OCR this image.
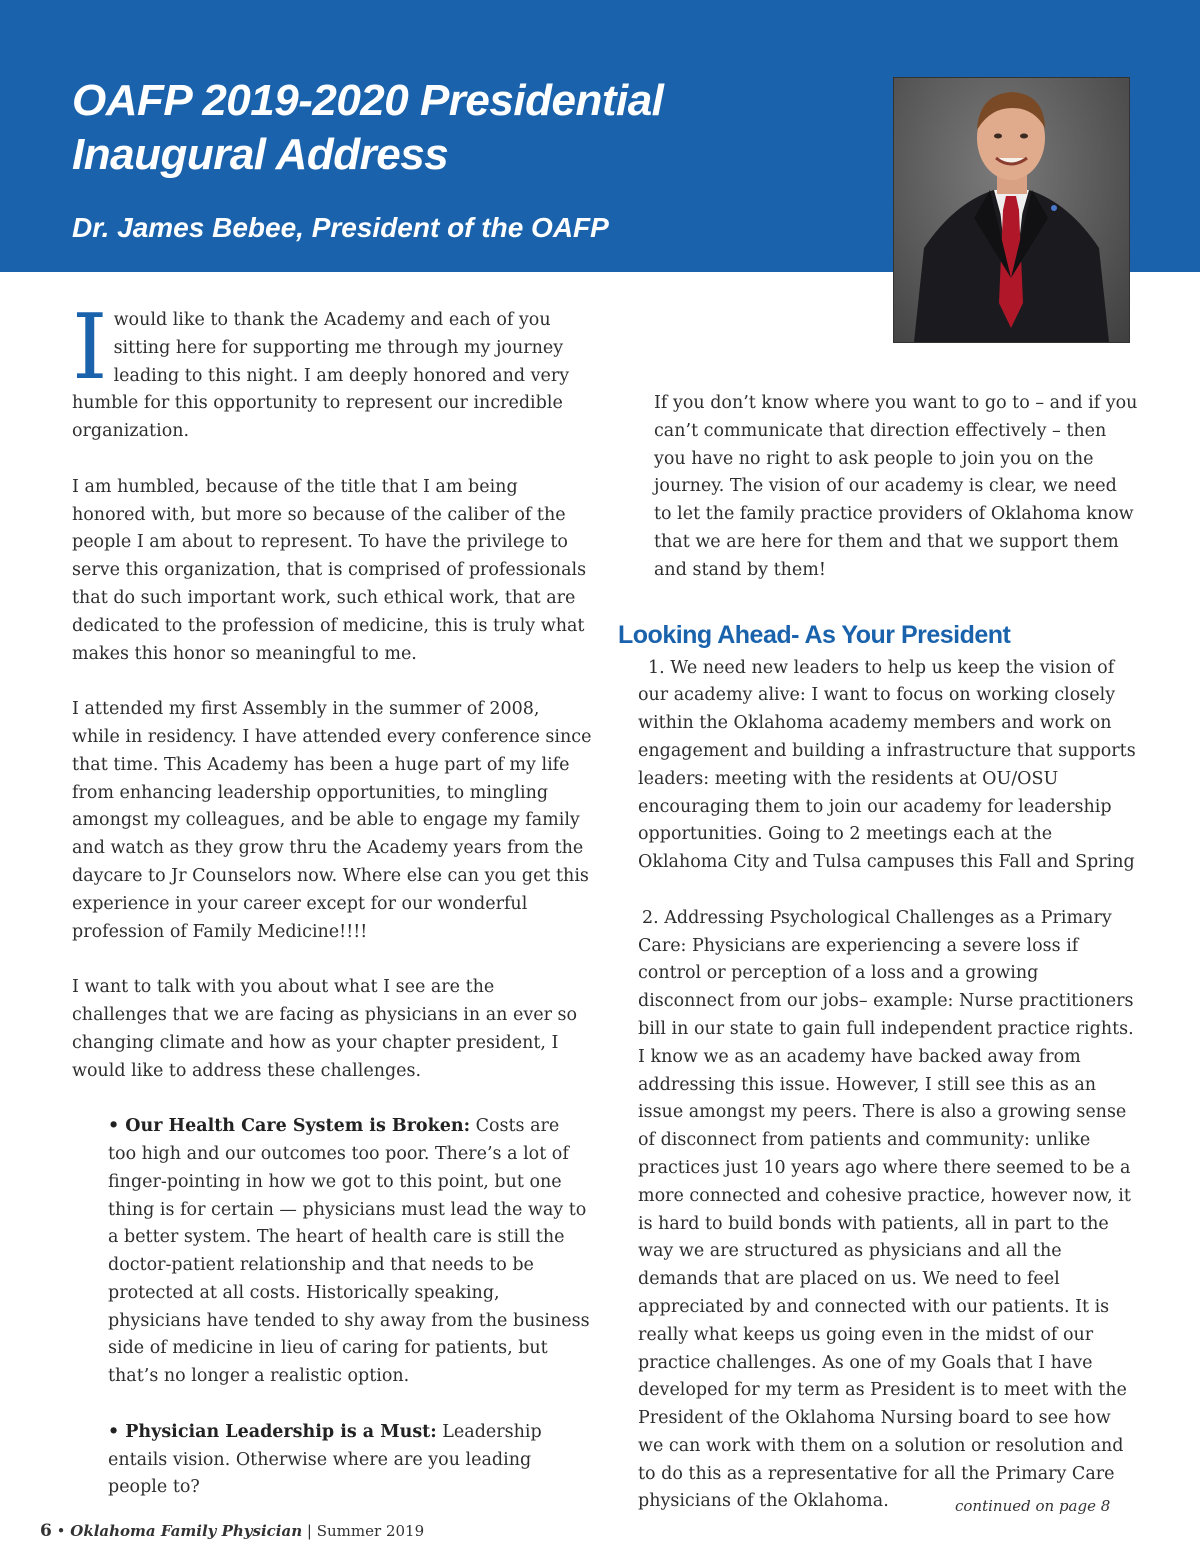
OAFP 2019-2020 Presidential Inaugural Address
Dr. James Bebee, President of the OAFP

Iwould like to thank the Academy and each of you sitting here for supporting me through my journey leading to this night. I am deeply honored and very humble for this opportunity to represent our incredible organization.

I am humbled, because of the title that I am being honored with, but more so because of the caliber of the people I am about to represent. To have the privilege to serve this organization, that is comprised of professionals that do such important work, such ethical work, that are dedicated to the profession of medicine, this is truly what makes this honor so meaningful to me.

I attended my first Assembly in the summer of 2008, while in residency. I have attended every conference since that time. This Academy has been a huge part of my life from enhancing leadership opportunities, to mingling amongst my colleagues, and be able to engage my family and watch as they grow thru the Academy years from the daycare to Jr Counselors now. Where else can you get this experience in your career except for our wonderful profession of Family Medicine!!!!

I want to talk with you about what I see are the challenges that we are facing as physicians in an ever so changing climate and how as your chapter president, I would like to address these challenges.

• Our Health Care System is Broken: Costs are too high and our outcomes too poor. There’s a lot of finger-pointing in how we got to this point, but one thing is for certain — physicians must lead the way to a better system. The heart of health care is still the doctor-patient relationship and that needs to be protected at all costs. Historically speaking, physicians have tended to shy away from the business side of medicine in lieu of caring for patients, but that’s no longer a realistic option.

• Physician Leadership is a Must: Leadership entails vision. Otherwise where are you leading people to?

If you don’t know where you want to go to – and if you can’t communicate that direction effectively – then you have no right to ask people to join you on the journey. The vision of our academy is clear, we need to let the family practice providers of Oklahoma know that we are here for them and that we support them and stand by them!

Looking Ahead- As Your President

1. We need new leaders to help us keep the vision of our academy alive: I want to focus on working closely within the Oklahoma academy members and work on engagement and building a infrastructure that supports leaders: meeting with the residents at OU/OSU encouraging them to join our academy for leadership opportunities. Going to 2 meetings each at the Oklahoma City and Tulsa campuses this Fall and Spring

2. Addressing Psychological Challenges as a Primary Care: Physicians are experiencing a severe loss if control or perception of a loss and a growing disconnect from our jobs– example: Nurse practitioners bill in our state to gain full independent practice rights. I know we as an academy have backed away from addressing this issue. However, I still see this as an issue amongst my peers. There is also a growing sense of disconnect from patients and community: unlike practices just 10 years ago where there seemed to be a more connected and cohesive practice, however now, it is hard to build bonds with patients, all in part to the way we are structured as physicians and all the demands that are placed on us. We need to feel appreciated by and connected with our patients. It is really what keeps us going even in the midst of our practice challenges. As one of my Goals that I have developed for my term as President is to meet with the President of the Oklahoma Nursing board to see how we can work with them on a solution or resolution and to do this as a representative for all the Primary Care physicians of the Oklahoma.	continued on page 8
6 • Oklahoma Family Physician | Summer 2019
